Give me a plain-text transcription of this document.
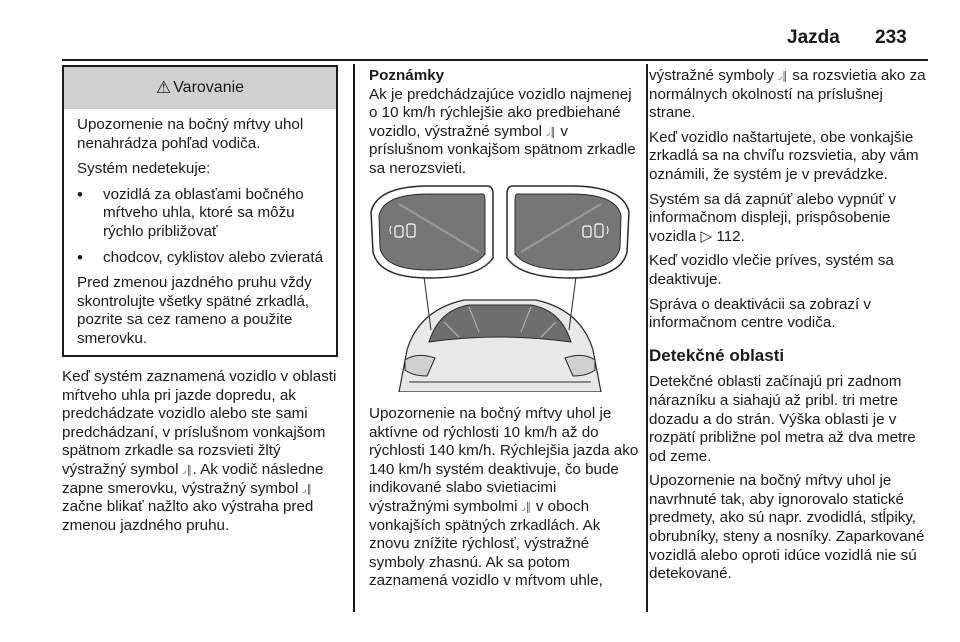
Jazda 233
⚠ Varovanie

Upozornenie na bočný mŕtvy uhol nenahrádza pohľad vodiča.

Systém nedetekuje:

• vozidlá za oblasťami bočného mŕtveho uhla, ktoré sa môžu rýchlo približovať
• chodcov, cyklistov alebo zvieratá

Pred zmenou jazdného pruhu vždy skontrolujte všetky spätné zrkadlá, pozrite sa cez rameno a použite smerovku.

Keď systém zaznamená vozidlo v oblasti mŕtveho uhla pri jazde dopredu, ak predchádzate vozidlo alebo ste sami predchádzaní, v príslušnom vonkajšom spätnom zrkadle sa rozsvieti žltý výstražný symbol ◞║. Ak vodič následne zapne smerovku, výstražný symbol ◞║ začne blikať nažlto ako výstraha pred zmenou jazdného pruhu.

Poznámky

Ak je predchádzajúce vozidlo najmenej o 10 km/h rýchlejšie ako predbiehané vozidlo, výstražné symbol ◞║ v príslušnom vonkajšom spätnom zrkadle sa nerozsvieti.

Upozornenie na bočný mŕtvy uhol je aktívne od rýchlosti 10 km/h až do rýchlosti 140 km/h. Rýchlejšia jazda ako 140 km/h systém deaktivuje, čo bude indikované slabo svietiacimi výstražnými symbolmi ◞║ v oboch vonkajších spätných zrkadlách. Ak znovu znížite rýchlosť, výstražné symboly zhasnú. Ak sa potom zaznamená vozidlo v mŕtvom uhle,

výstražné symboly ◞║ sa rozsvietia ako za normálnych okolností na príslušnej strane.

Keď vozidlo naštartujete, obe vonkajšie zrkadlá sa na chvíľu rozsvietia, aby vám oznámili, že systém je v prevádzke.

Systém sa dá zapnúť alebo vypnúť v informačnom displeji, prispôsobenie vozidla ▷ 112.

Keď vozidlo vlečie príves, systém sa deaktivuje.

Správa o deaktivácii sa zobrazí v informačnom centre vodiča.

Detekčné oblasti

Detekčné oblasti začínajú pri zadnom nárazníku a siahajú až pribl. tri metre dozadu a do strán. Výška oblasti je v rozpätí približne pol metra až dva metre od zeme.

Upozornenie na bočný mŕtvy uhol je navrhnuté tak, aby ignorovalo statické predmety, ako sú napr. zvodidlá, stĺpiky, obrubníky, steny a nosníky. Zaparkované vozidlá alebo oproti idúce vozidlá nie sú detekované.
